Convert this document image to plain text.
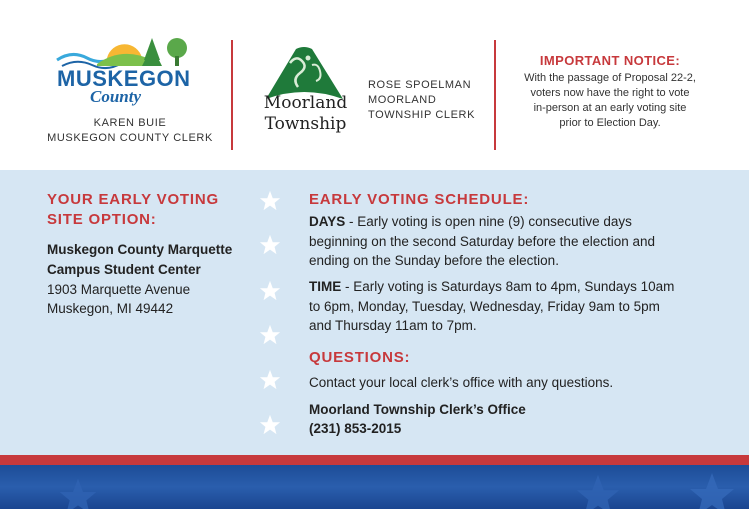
MUSKEGON
County
KAREN BUIE
MUSKEGON COUNTY CLERK
Moorland
Township
ROSE SPOELMAN
MOORLAND
TOWNSHIP CLERK
IMPORTANT NOTICE:
With the passage of Proposal 22-2,
voters now have the right to vote
in-person at an early voting site
prior to Election Day.
YOUR EARLY VOTING
SITE OPTION:
Muskegon County Marquette
Campus Student Center
1903 Marquette Avenue
Muskegon, MI 49442
EARLY VOTING SCHEDULE:
DAYS - Early voting is open nine (9) consecutive days
beginning on the second Saturday before the election and
ending on the Sunday before the election.
TIME - Early voting is Saturdays 8am to 4pm, Sundays 10am
to 6pm, Monday, Tuesday, Wednesday, Friday 9am to 5pm
and Thursday 11am to 7pm.
QUESTIONS:
Contact your local clerk’s office with any questions.
Moorland Township Clerk’s Office
(231) 853-2015
